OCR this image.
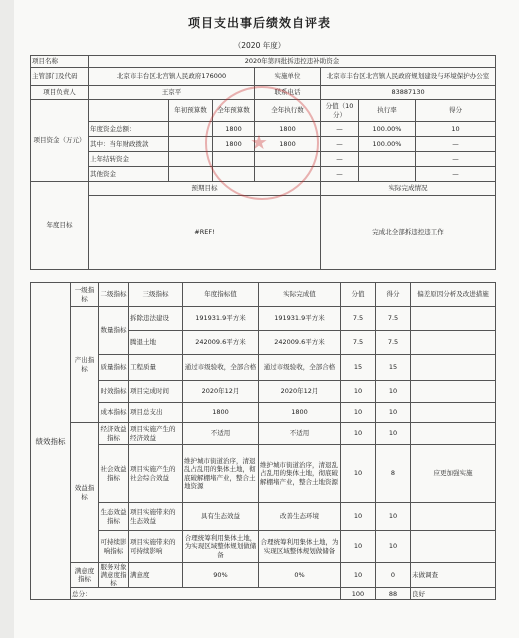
项目支出事后绩效自评表
（2020 年度）
项目名称	2020年第四批拆违控违补助资金						
主管部门及代码	北京市丰台区北宫镇人民政府176000			实施单位	北京市丰台区北宫镇人民政府规划建设与环境保护办公室		
项目负责人	王京平			联系电话	83887130		
项目资金（万元）		年初预算数	全年预算数	全年执行数	分值（10分）	执行率	得分
	年度资金总额：		1800	1800	—	100.00%	10
	其中：当年财政拨款		1800	1800	—	100.00%	—
	上年结转资金				—		—
	其他资金				—		—
年度目标	预期目标				实际完成情况		
	#REF!				完成北全部拆违控违工作		
绩效指标	一级指标	二级指标	三级指标	年度指标值	实际完成值	分值	得分	偏差原因分析及改进措施
	产出指标	数量指标	拆除违法建设	191931.9平方米	191931.9平方米	7.5	7.5	
			腾退土地	242009.6平方米	242009.6平方米	7.5	7.5	
		质量指标	工程质量	通过市级验收，全部合格	通过市级验收，全部合格	15	15	
		时效指标	项目完成时间	2020年12月	2020年12月	10	10	
		成本指标	项目总支出	1800	1800	10	10	
	效益指标	经济效益指标	项目实施产生的经济效益	不适用	不适用	10	10	
		社会效益指标	项目实施产生的社会综合效益	维护城市街道治序，清退乱占乱用的集体土地，彻底破解棚堵产业，整合土地资源	维护城市街道治序，清退乱占乱用的集体土地，彻底破解棚堵产业，整合土地资源	10	8	应更加强实施
		生态效益指标	项目实施带来的生态效益	具有生态效益	改善生态环境	10	10	
		可持续影响指标	项目实施带来的可持续影响	合理统筹利用集体土地，为实现区域整体规划做储备	合理统筹利用集体土地，为实现区域整体规划做储备	10	10	
	满意度指标	服务对象满意度指标	满意度	90%	0%	10	0	未做调查
	总分：					100	88	良好
★
